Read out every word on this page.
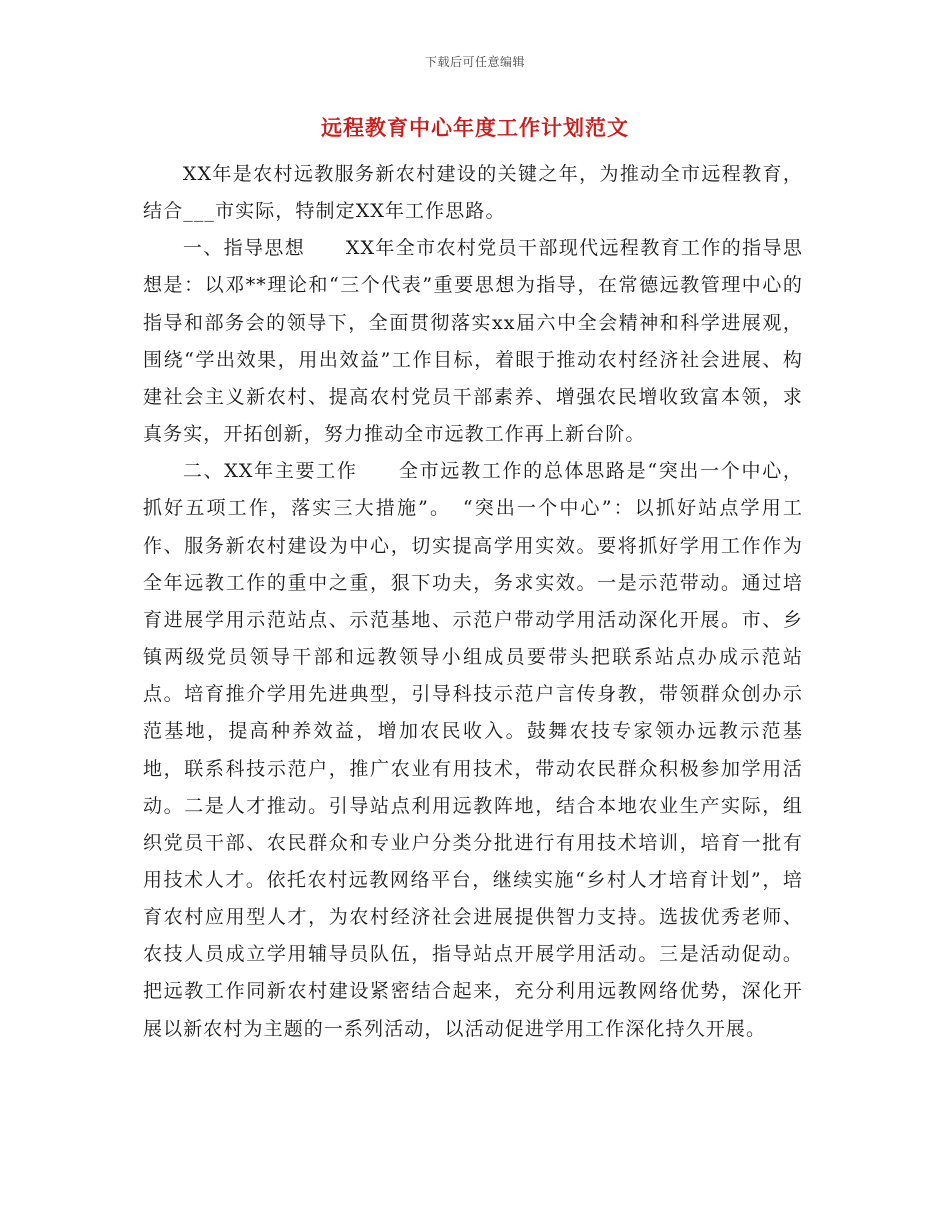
下载后可任意编辑
远程教育中心年度工作计划范文

XX年是农村远教服务新农村建设的关键之年，为推动全市远程教育，结合___市实际，特制定XX年工作思路。

一、指导思想　　XX年全市农村党员干部现代远程教育工作的指导思想是：以邓**理论和“三个代表”重要思想为指导，在常德远教管理中心的指导和部务会的领导下，全面贯彻落实xx届六中全会精神和科学进展观，围绕“学出效果，用出效益”工作目标，着眼于推动农村经济社会进展、构建社会主义新农村、提高农村党员干部素养、增强农民增收致富本领，求真务实，开拓创新，努力推动全市远教工作再上新台阶。

二、XX年主要工作　　全市远教工作的总体思路是“突出一个中心，抓好五项工作，落实三大措施”。　“突出一个中心”：以抓好站点学用工作、服务新农村建设为中心，切实提高学用实效。要将抓好学用工作作为全年远教工作的重中之重，狠下功夫，务求实效。一是示范带动。通过培育进展学用示范站点、示范基地、示范户带动学用活动深化开展。市、乡镇两级党员领导干部和远教领导小组成员要带头把联系站点办成示范站点。培育推介学用先进典型，引导科技示范户言传身教，带领群众创办示范基地，提高种养效益，增加农民收入。鼓舞农技专家领办远教示范基地，联系科技示范户，推广农业有用技术，带动农民群众积极参加学用活动。二是人才推动。引导站点利用远教阵地，结合本地农业生产实际，组织党员干部、农民群众和专业户分类分批进行有用技术培训，培育一批有用技术人才。依托农村远教网络平台，继续实施“乡村人才培育计划”，培育农村应用型人才，为农村经济社会进展提供智力支持。选拔优秀老师、农技人员成立学用辅导员队伍，指导站点开展学用活动。三是活动促动。把远教工作同新农村建设紧密结合起来，充分利用远教网络优势，深化开展以新农村为主题的一系列活动，以活动促进学用工作深化持久开展。
